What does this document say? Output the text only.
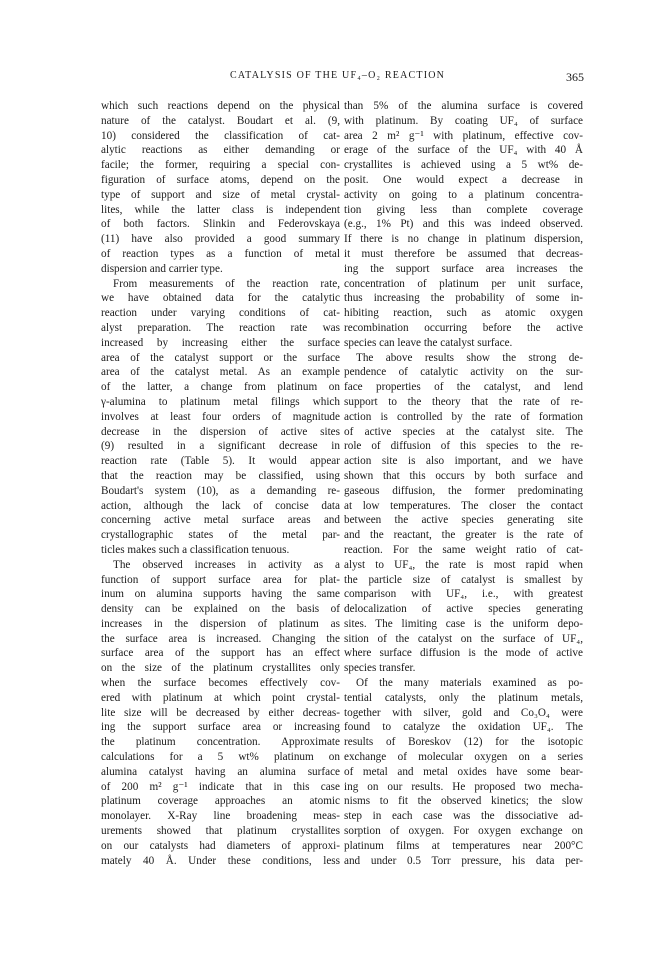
CATALYSIS OF THE UF₄–O₂ REACTION	365
which such reactions depend on the physical
nature of the catalyst. Boudart et al. (9,
10) considered the classification of cat-
alytic reactions as either demanding or
facile; the former, requiring a special con-
figuration of surface atoms, depend on the
type of support and size of metal crystal-
lites, while the latter class is independent
of both factors. Slinkin and Federovskaya
(11) have also provided a good summary
of reaction types as a function of metal
dispersion and carrier type.
From measurements of the reaction rate,
we have obtained data for the catalytic
reaction under varying conditions of cat-
alyst preparation. The reaction rate was
increased by increasing either the surface
area of the catalyst support or the surface
area of the catalyst metal. As an example
of the latter, a change from platinum on
γ-alumina to platinum metal filings which
involves at least four orders of magnitude
decrease in the dispersion of active sites
(9) resulted in a significant decrease in
reaction rate (Table 5). It would appear
that the reaction may be classified, using
Boudart's system (10), as a demanding re-
action, although the lack of concise data
concerning active metal surface areas and
crystallographic states of the metal par-
ticles makes such a classification tenuous.
The observed increases in activity as a
function of support surface area for plat-
inum on alumina supports having the same
density can be explained on the basis of
increases in the dispersion of platinum as
the surface area is increased. Changing the
surface area of the support has an effect
on the size of the platinum crystallites only
when the surface becomes effectively cov-
ered with platinum at which point crystal-
lite size will be decreased by either decreas-
ing the support surface area or increasing
the platinum concentration. Approximate
calculations for a 5 wt% platinum on
alumina catalyst having an alumina surface
of 200 m² g⁻¹ indicate that in this case
platinum coverage approaches an atomic
monolayer. X-Ray line broadening meas-
urements showed that platinum crystallites
on our catalysts had diameters of approxi-
mately 40 Å. Under these conditions, less
than 5% of the alumina surface is covered
with platinum. By coating UF₄ of surface
area 2 m² g⁻¹ with platinum, effective cov-
erage of the surface of the UF₄ with 40 Å
crystallites is achieved using a 5 wt% de-
posit. One would expect a decrease in
activity on going to a platinum concentra-
tion giving less than complete coverage
(e.g., 1% Pt) and this was indeed observed.
If there is no change in platinum dispersion,
it must therefore be assumed that decreas-
ing the support surface area increases the
concentration of platinum per unit surface,
thus increasing the probability of some in-
hibiting reaction, such as atomic oxygen
recombination occurring before the active
species can leave the catalyst surface.
The above results show the strong de-
pendence of catalytic activity on the sur-
face properties of the catalyst, and lend
support to the theory that the rate of re-
action is controlled by the rate of formation
of active species at the catalyst site. The
role of diffusion of this species to the re-
action site is also important, and we have
shown that this occurs by both surface and
gaseous diffusion, the former predominating
at low temperatures. The closer the contact
between the active species generating site
and the reactant, the greater is the rate of
reaction. For the same weight ratio of cat-
alyst to UF₄, the rate is most rapid when
the particle size of catalyst is smallest by
comparison with UF₄, i.e., with greatest
delocalization of active species generating
sites. The limiting case is the uniform depo-
sition of the catalyst on the surface of UF₄,
where surface diffusion is the mode of active
species transfer.
Of the many materials examined as po-
tential catalysts, only the platinum metals,
together with silver, gold and Co₃O₄ were
found to catalyze the oxidation UF₄. The
results of Boreskov (12) for the isotopic
exchange of molecular oxygen on a series
of metal and metal oxides have some bear-
ing on our results. He proposed two mecha-
nisms to fit the observed kinetics; the slow
step in each case was the dissociative ad-
sorption of oxygen. For oxygen exchange on
platinum films at temperatures near 200°C
and under 0.5 Torr pressure, his data per-
